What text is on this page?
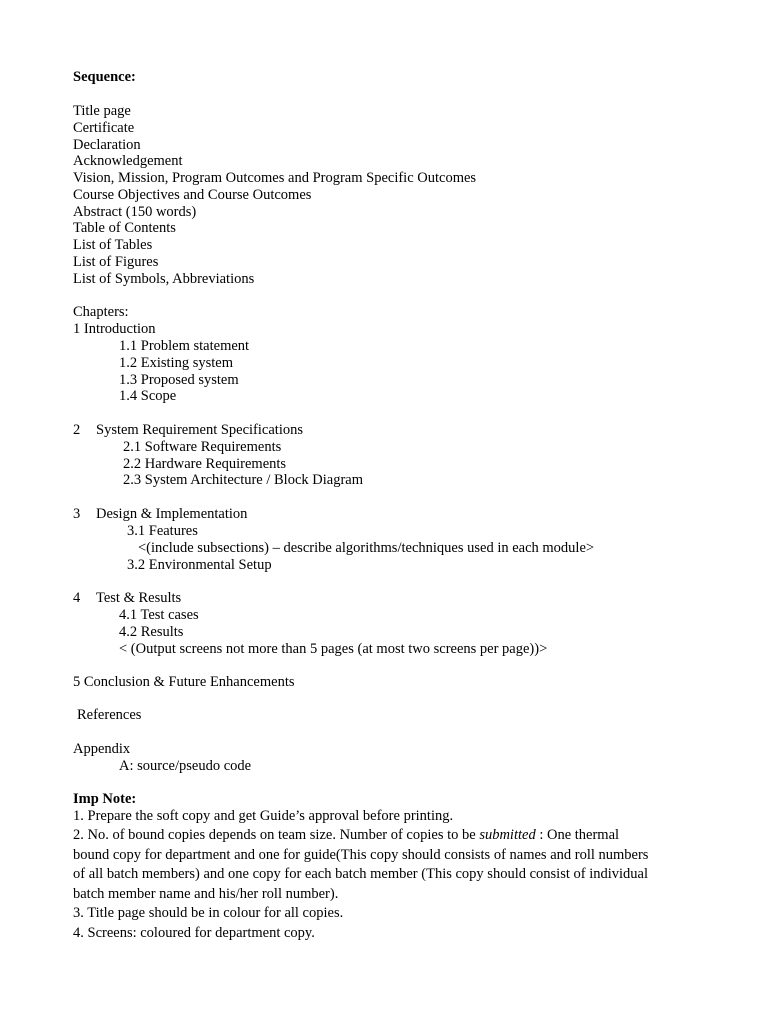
Sequence:
Title page
Certificate
Declaration
Acknowledgement
Vision, Mission, Program Outcomes and Program Specific Outcomes
Course Objectives and Course Outcomes
Abstract (150 words)
Table of Contents
List of Tables
List of Figures
List of Symbols, Abbreviations
Chapters:
1 Introduction
1.1 Problem statement
1.2 Existing system
1.3 Proposed system
1.4 Scope
2 System Requirement Specifications
2.1 Software Requirements
2.2 Hardware Requirements
2.3 System Architecture / Block Diagram
3 Design & Implementation
3.1 Features
<(include subsections) – describe algorithms/techniques used in each module>
3.2 Environmental Setup
4 Test & Results
4.1 Test cases
4.2 Results
< (Output screens not more than 5 pages (at most two screens per page))>
5 Conclusion & Future Enhancements
References
Appendix
A: source/pseudo code
Imp Note:
1. Prepare the soft copy and get Guide’s approval before printing.
2. No. of bound copies depends on team size. Number of copies to be submitted : One thermal
bound copy for department and one for guide(This copy should consists of names and roll numbers
of all batch members) and one copy for each batch member (This copy should consist of individual
batch member name and his/her roll number).
3. Title page should be in colour for all copies.
4. Screens: coloured for department copy.
